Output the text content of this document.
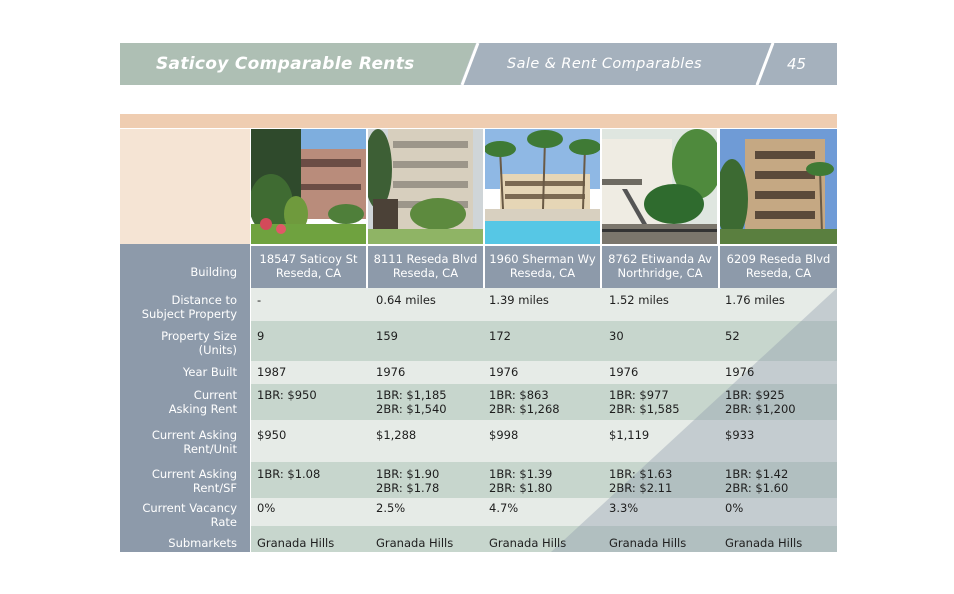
Saticoy Comparable Rents	Sale & Rent Comparables	45
18547 Saticoy St
Reseda, CA
8111 Reseda Blvd
Reseda, CA
1960 Sherman Wy
Reseda, CA
8762 Etiwanda Av
Northridge, CA
6209 Reseda Blvd
Reseda, CA
Building
Distance to
Subject Property
Property Size
(Units)
Year Built
Current
Asking Rent
Current Asking
Rent/Unit
Current Asking
Rent/SF
Current Vacancy
Rate
Submarkets
-
9
1987
1BR: $950
$950
1BR: $1.08
0%
Granada Hills
0.64 miles
159
1976
1BR: $1,185
2BR: $1,540
$1,288
1BR: $1.90
2BR: $1.78
2.5%
Granada Hills
1.39 miles
172
1976
1BR: $863
2BR: $1,268
$998
1BR: $1.39
2BR: $1.80
4.7%
Granada Hills
1.52 miles
30
1976
1BR: $977
2BR: $1,585
$1,119
1BR: $1.63
2BR: $2.11
3.3%
Granada Hills
1.76 miles
52
1976
1BR: $925
2BR: $1,200
$933
1BR: $1.42
2BR: $1.60
0%
Granada Hills
